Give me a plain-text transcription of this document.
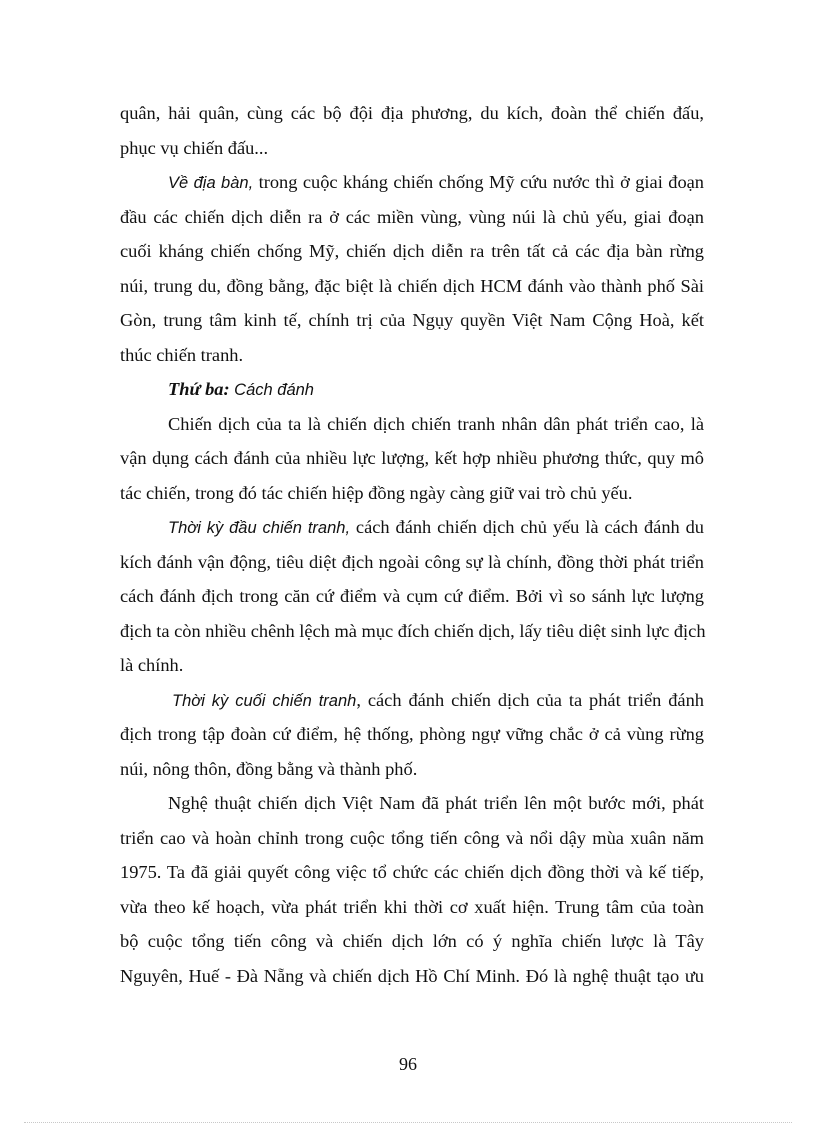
quân, hải quân, cùng các bộ đội địa phương, du kích, đoàn thể chiến đấu,
phục vụ chiến đấu...
Về địa bàn, trong cuộc kháng chiến chống Mỹ cứu nước thì ở giai đoạn
đầu các chiến dịch diễn ra ở các miền vùng, vùng núi là chủ yếu, giai đoạn
cuối kháng chiến chống Mỹ, chiến dịch diễn ra trên tất cả các địa bàn rừng
núi, trung du, đồng bằng, đặc biệt là chiến dịch HCM đánh vào thành phố Sài
Gòn, trung tâm kinh tế, chính trị của Ngụy quyền Việt Nam Cộng Hoà, kết
thúc chiến tranh.
Thứ ba: Cách đánh
Chiến dịch của ta là chiến dịch chiến tranh nhân dân phát triển cao, là
vận dụng cách đánh của nhiều lực lượng, kết hợp nhiều phương thức, quy mô
tác chiến, trong đó tác chiến hiệp đồng ngày càng giữ vai trò chủ yếu.
Thời kỳ đầu chiến tranh, cách đánh chiến dịch chủ yếu là cách đánh du
kích đánh vận động, tiêu diệt địch ngoài công sự là chính, đồng thời phát triển
cách đánh địch trong căn cứ điểm và cụm cứ điểm. Bởi vì so sánh lực lượng
địch ta còn nhiều chênh lệch mà mục đích chiến dịch, lấy tiêu diệt sinh lực địch
là chính.
Thời kỳ cuối chiến tranh, cách đánh chiến dịch của ta phát triển đánh
địch trong tập đoàn cứ điểm, hệ thống, phòng ngự vững chắc ở cả vùng rừng
núi, nông thôn, đồng bằng và thành phố.
Nghệ thuật chiến dịch Việt Nam đã phát triển lên một bước mới, phát
triển cao và hoàn chỉnh trong cuộc tổng tiến công và nổi dậy mùa xuân năm
1975. Ta đã giải quyết công việc tổ chức các chiến dịch đồng thời và kế tiếp,
vừa theo kế hoạch, vừa phát triển khi thời cơ xuất hiện. Trung tâm của toàn
bộ cuộc tổng tiến công và chiến dịch lớn có ý nghĩa chiến lược là Tây
Nguyên, Huế - Đà Nẵng và chiến dịch Hồ Chí Minh. Đó là nghệ thuật tạo ưu
96
